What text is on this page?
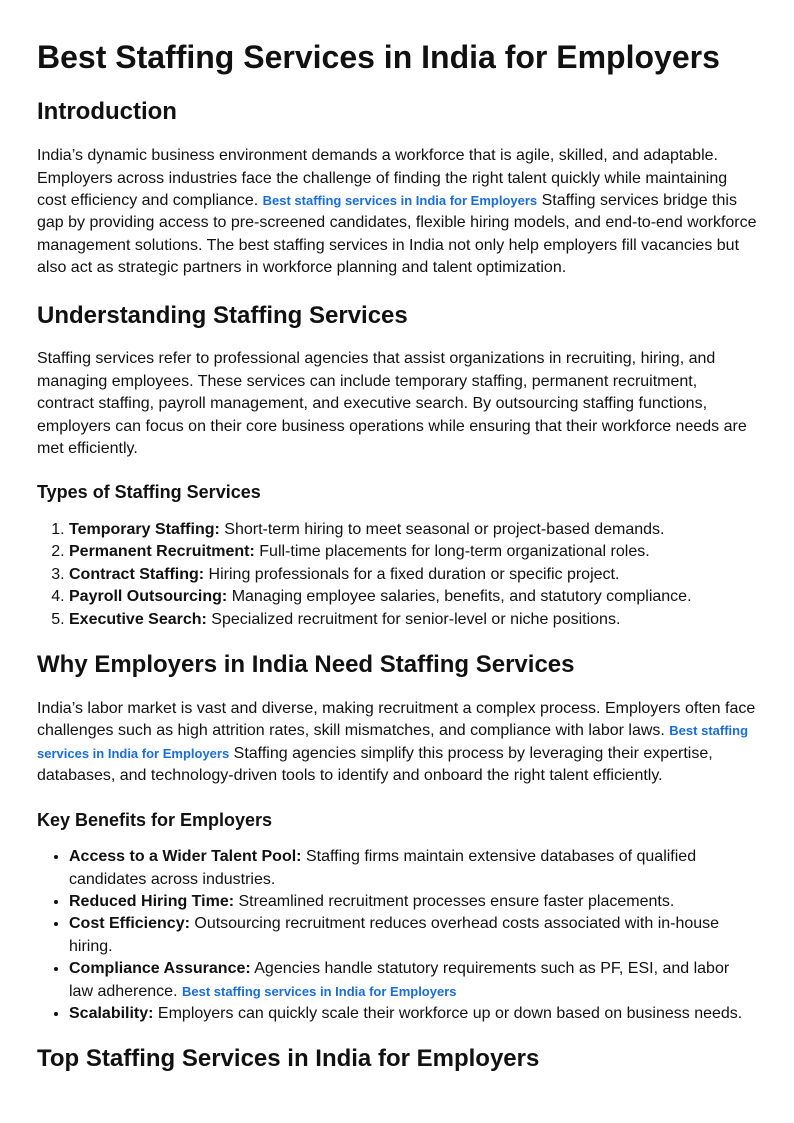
Best Staffing Services in India for Employers
Introduction

India’s dynamic business environment demands a workforce that is agile, skilled, and adaptable. Employers across industries face the challenge of finding the right talent quickly while maintaining cost efficiency and compliance. Best staffing services in India for Employers Staffing services bridge this gap by providing access to pre-screened candidates, flexible hiring models, and end-to-end workforce management solutions. The best staffing services in India not only help employers fill vacancies but also act as strategic partners in workforce planning and talent optimization.

Understanding Staffing Services

Staffing services refer to professional agencies that assist organizations in recruiting, hiring, and managing employees. These services can include temporary staffing, permanent recruitment, contract staffing, payroll management, and executive search. By outsourcing staffing functions, employers can focus on their core business operations while ensuring that their workforce needs are met efficiently.

Types of Staffing Services
1. Temporary Staffing: Short-term hiring to meet seasonal or project-based demands.
2. Permanent Recruitment: Full-time placements for long-term organizational roles.
3. Contract Staffing: Hiring professionals for a fixed duration or specific project.
4. Payroll Outsourcing: Managing employee salaries, benefits, and statutory compliance.
5. Executive Search: Specialized recruitment for senior-level or niche positions.
Why Employers in India Need Staffing Services

India’s labor market is vast and diverse, making recruitment a complex process. Employers often face challenges such as high attrition rates, skill mismatches, and compliance with labor laws. Best staffing services in India for Employers Staffing agencies simplify this process by leveraging their expertise, databases, and technology-driven tools to identify and onboard the right talent efficiently.

Key Benefits for Employers
• Access to a Wider Talent Pool: Staffing firms maintain extensive databases of qualified candidates across industries.
• Reduced Hiring Time: Streamlined recruitment processes ensure faster placements.
• Cost Efficiency: Outsourcing recruitment reduces overhead costs associated with in-house hiring.
• Compliance Assurance: Agencies handle statutory requirements such as PF, ESI, and labor law adherence. Best staffing services in India for Employers
• Scalability: Employers can quickly scale their workforce up or down based on business needs.
Top Staffing Services in India for Employers
